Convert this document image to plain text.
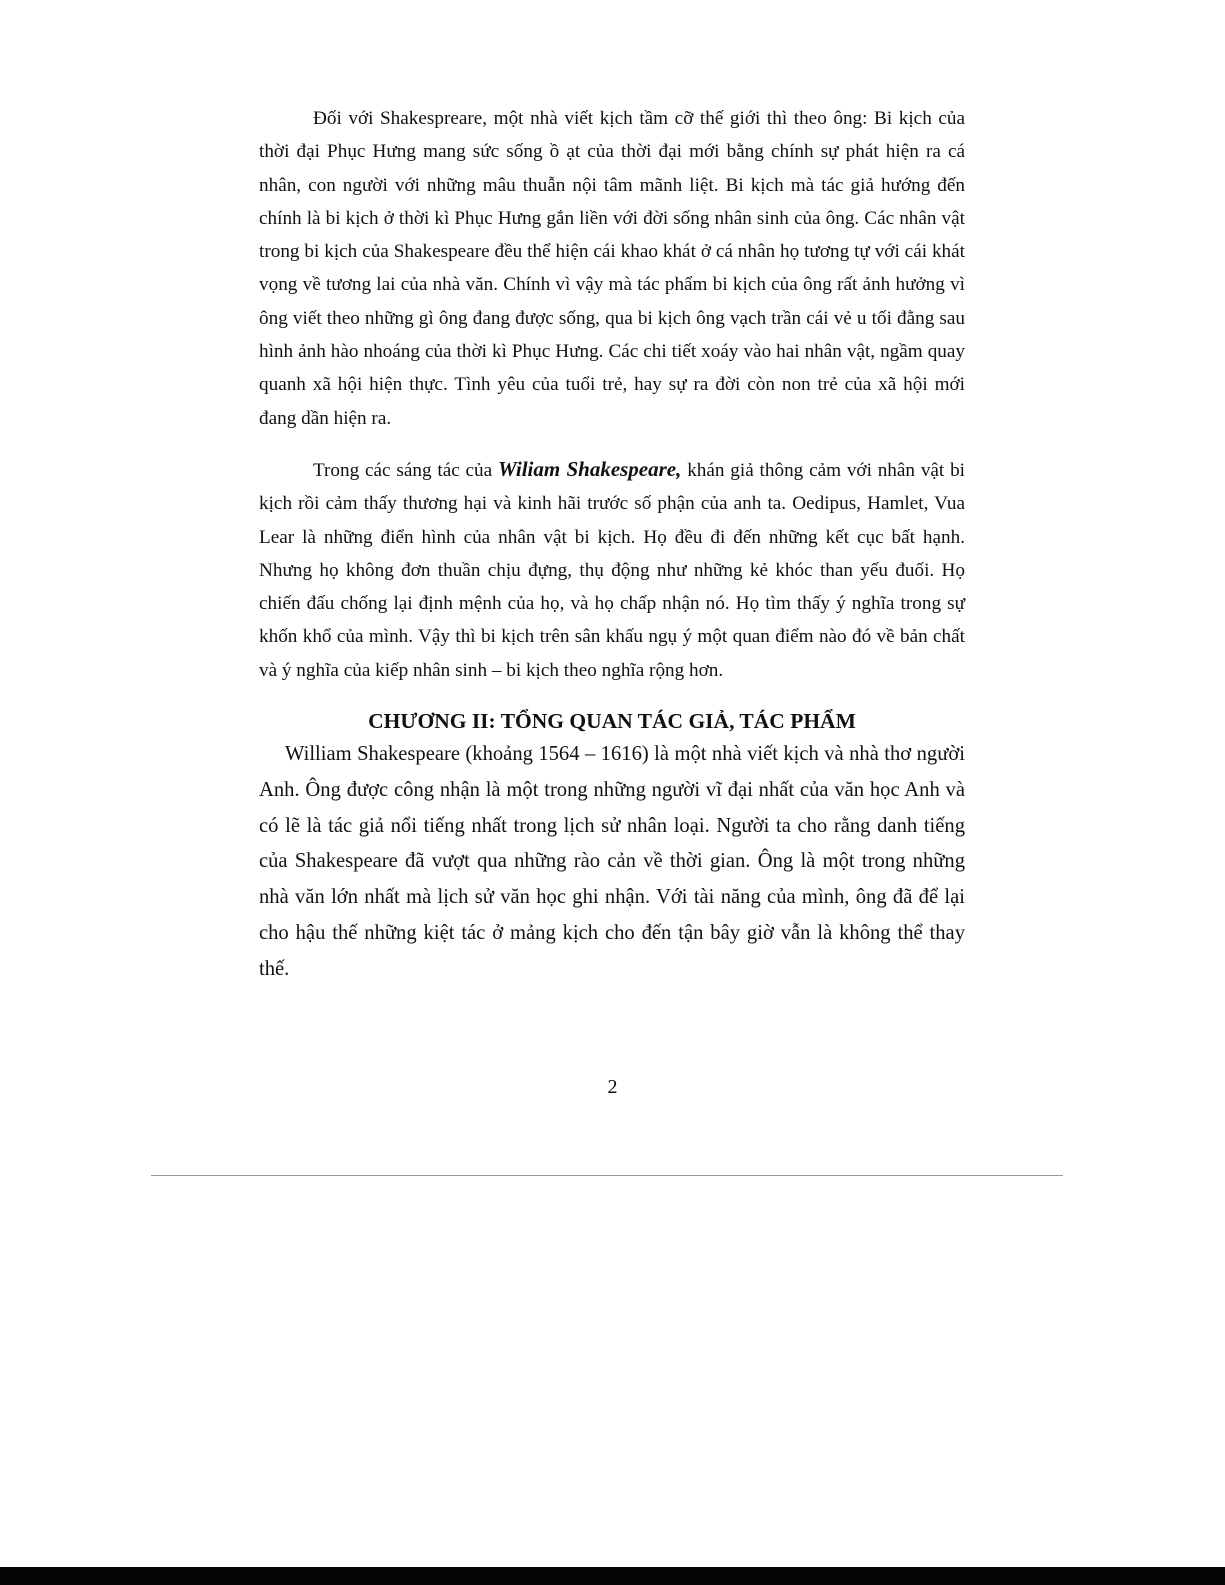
Đối với Shakespreare, một nhà viết kịch tầm cỡ thế giới thì theo ông: Bi kịch của thời đại Phục Hưng mang sức sống ồ ạt của thời đại mới bằng chính sự phát hiện ra cá nhân, con người với những mâu thuẫn nội tâm mãnh liệt. Bi kịch mà tác giả hướng đến chính là bi kịch ở thời kì Phục Hưng gắn liền với đời sống nhân sinh của ông. Các nhân vật trong bi kịch của Shakespeare đều thể hiện cái khao khát ở cá nhân họ tương tự với cái khát vọng về tương lai của nhà văn. Chính vì vậy mà tác phẩm bi kịch của ông rất ảnh hưởng vì ông viết theo những gì ông đang được sống, qua bi kịch ông vạch trần cái vẻ u tối đằng sau hình ảnh hào nhoáng của thời kì Phục Hưng. Các chi tiết xoáy vào hai nhân vật, ngầm quay quanh xã hội hiện thực. Tình yêu của tuổi trẻ, hay sự ra đời còn non trẻ của xã hội mới đang dần hiện ra.

Trong các sáng tác của Wiliam Shakespeare, khán giả thông cảm với nhân vật bi kịch rồi cảm thấy thương hại và kinh hãi trước số phận của anh ta. Oedipus, Hamlet, Vua Lear là những điển hình của nhân vật bi kịch. Họ đều đi đến những kết cục bất hạnh. Nhưng họ không đơn thuần chịu đựng, thụ động như những kẻ khóc than yếu đuối. Họ chiến đấu chống lại định mệnh của họ, và họ chấp nhận nó. Họ tìm thấy ý nghĩa trong sự khốn khổ của mình. Vậy thì bi kịch trên sân khấu ngụ ý một quan điểm nào đó về bản chất và ý nghĩa của kiếp nhân sinh – bi kịch theo nghĩa rộng hơn.

CHƯƠNG II: TỔNG QUAN TÁC GIẢ, TÁC PHẨM

William Shakespeare (khoảng 1564 – 1616) là một nhà viết kịch và nhà thơ người Anh. Ông được công nhận là một trong những người vĩ đại nhất của văn học Anh và có lẽ là tác giả nổi tiếng nhất trong lịch sử nhân loại. Người ta cho rằng danh tiếng của Shakespeare đã vượt qua những rào cản về thời gian. Ông là một trong những nhà văn lớn nhất mà lịch sử văn học ghi nhận. Với tài năng của mình, ông đã để lại cho hậu thế những kiệt tác ở mảng kịch cho đến tận bây giờ vẫn là không thể thay thế.

2
